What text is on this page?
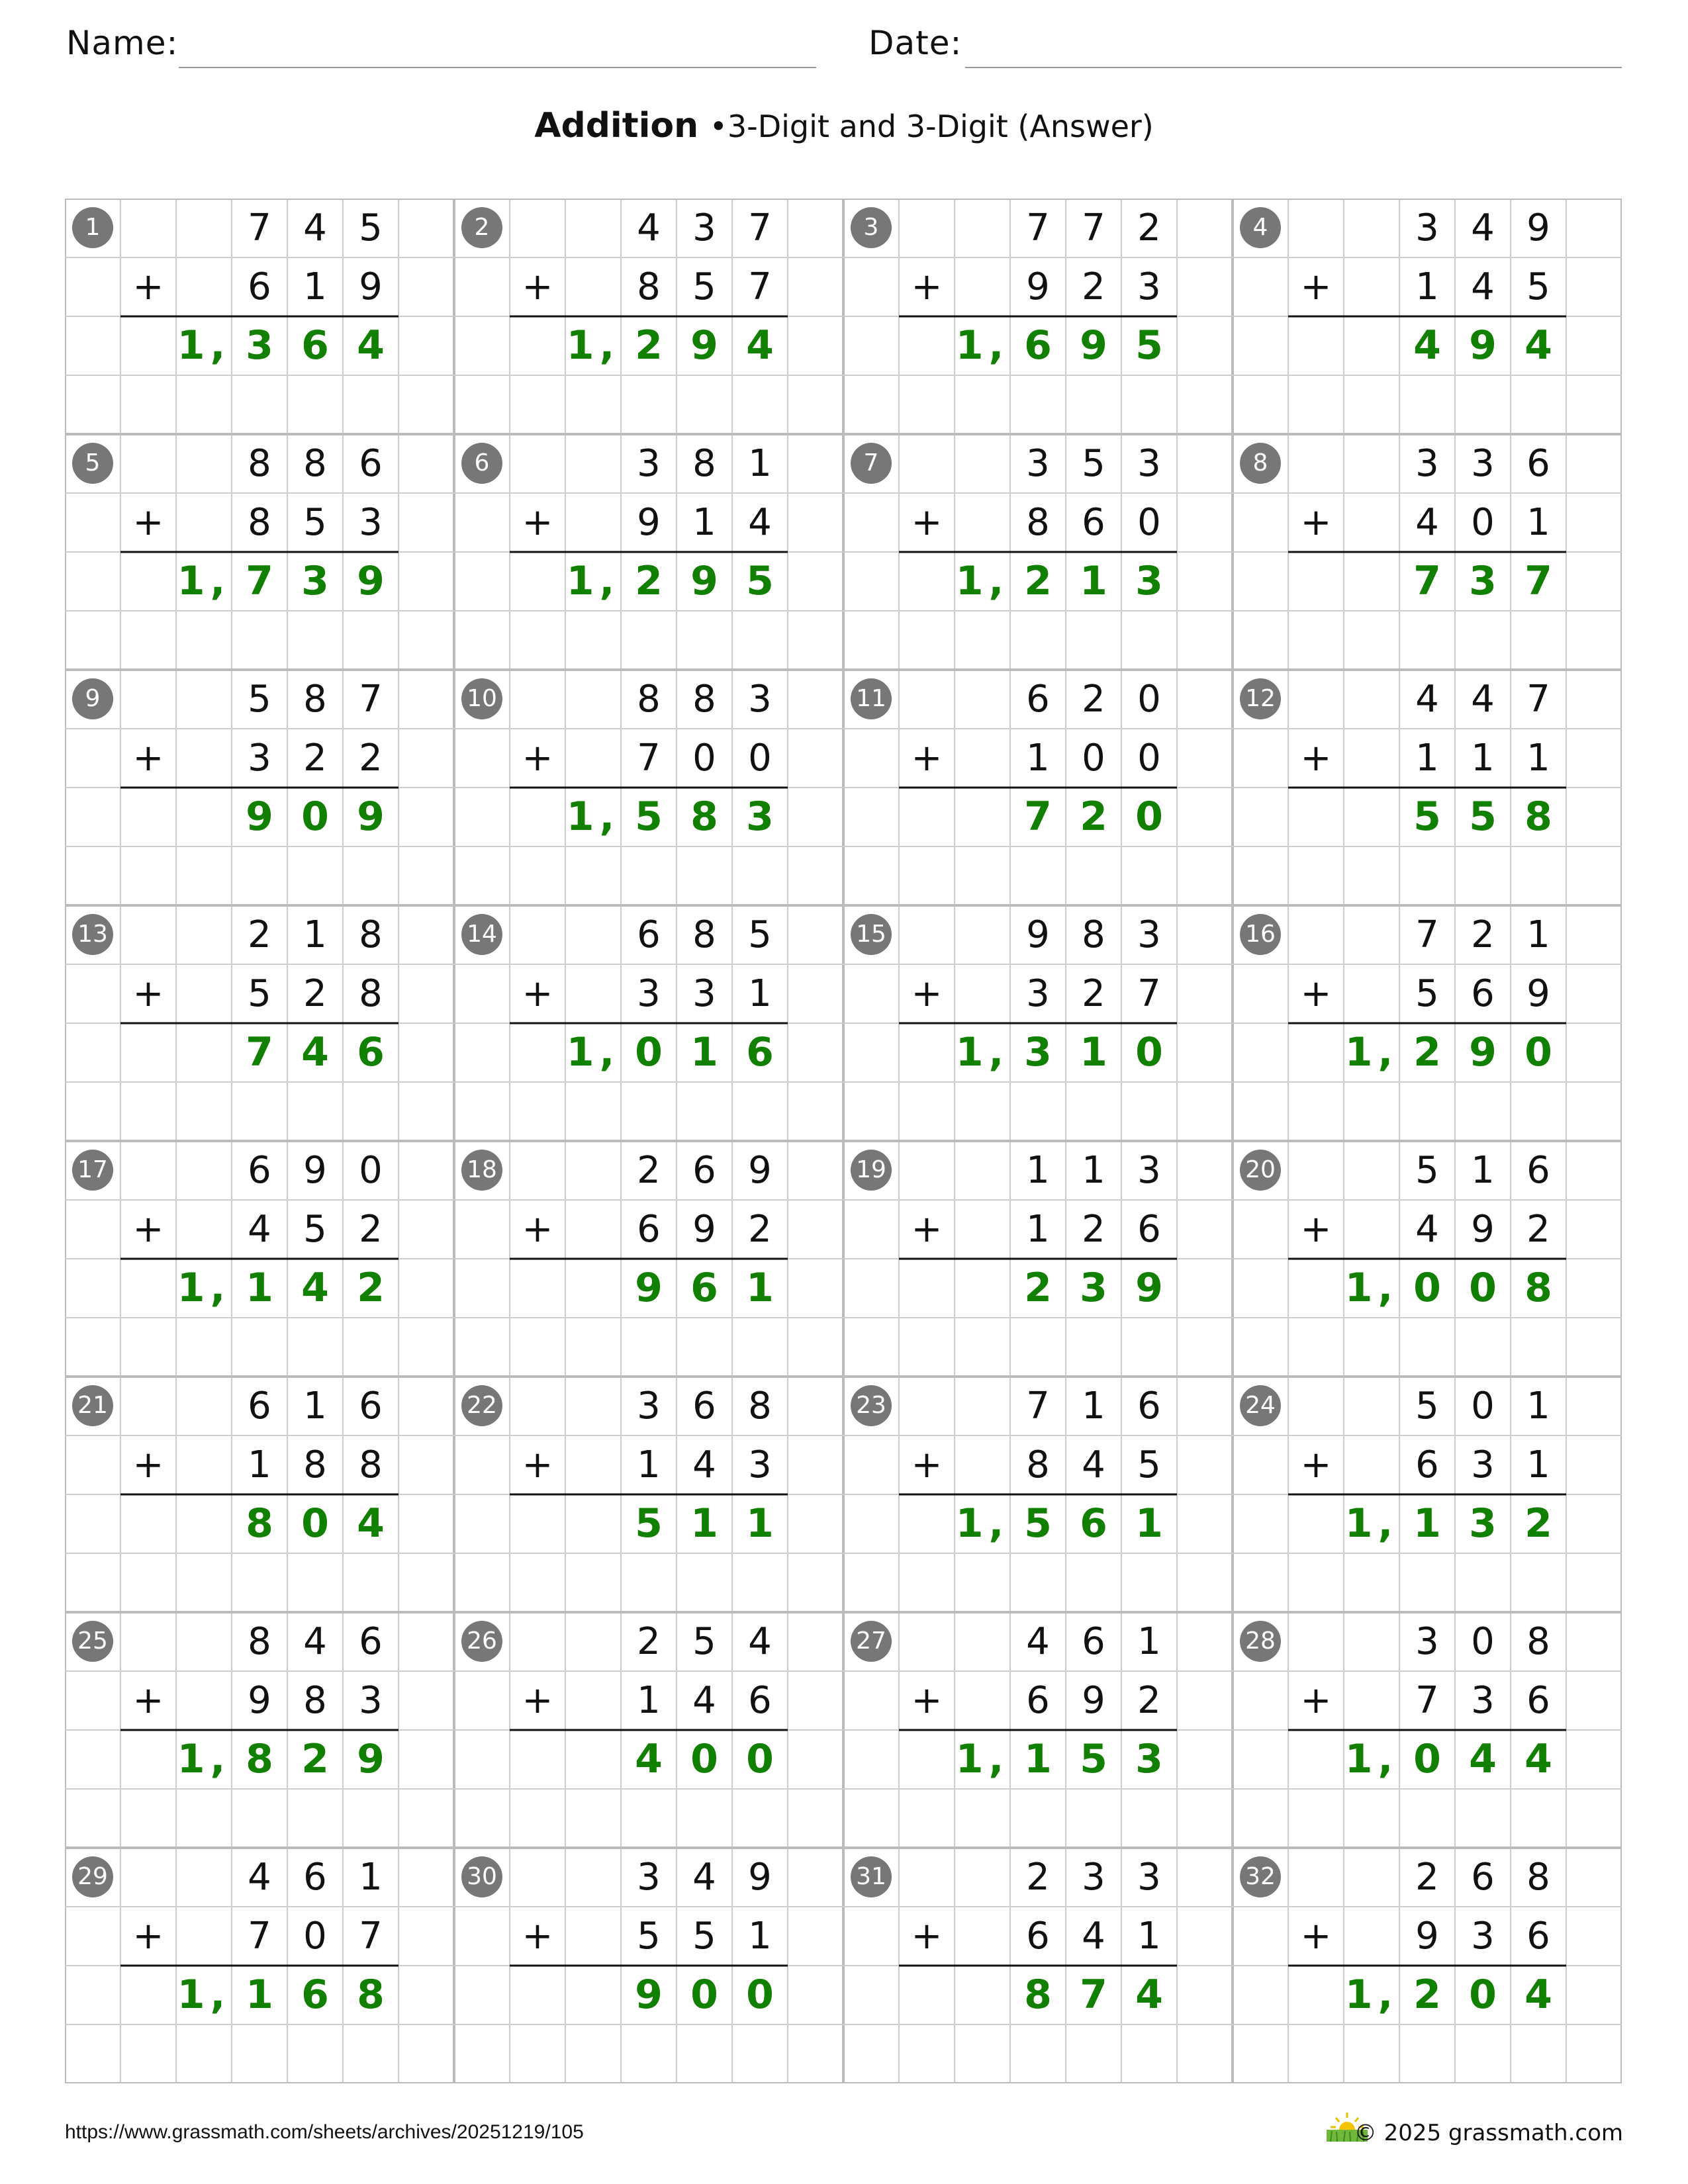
Name:	Date:
Addition •3-Digit and 3-Digit (Answer)
1	7 4 5
+	6 1 9
1, 3 6 4
2	4 3 7
+	8 5 7
1, 2 9 4
3	7 7 2
+	9 2 3
1, 6 9 5
4	3 4 9
+	1 4 5
4 9 4
5	8 8 6
+	8 5 3
1, 7 3 9
6	3 8 1
+	9 1 4
1, 2 9 5
7	3 5 3
+	8 6 0
1, 2 1 3
8	3 3 6
+	4 0 1
7 3 7
9	5 8 7
+	3 2 2
9 0 9
10	8 8 3
+	7 0 0
1, 5 8 3
11	6 2 0
+	1 0 0
7 2 0
12	4 4 7
+	1 1 1
5 5 8
13	2 1 8
+	5 2 8
7 4 6
14	6 8 5
+	3 3 1
1, 0 1 6
15	9 8 3
+	3 2 7
1, 3 1 0
16	7 2 1
+	5 6 9
1, 2 9 0
17	6 9 0
+	4 5 2
1, 1 4 2
18	2 6 9
+	6 9 2
9 6 1
19	1 1 3
+	1 2 6
2 3 9
20	5 1 6
+	4 9 2
1, 0 0 8
21	6 1 6
+	1 8 8
8 0 4
22	3 6 8
+	1 4 3
5 1 1
23	7 1 6
+	8 4 5
1, 5 6 1
24	5 0 1
+	6 3 1
1, 1 3 2
25	8 4 6
+	9 8 3
1, 8 2 9
26	2 5 4
+	1 4 6
4 0 0
27	4 6 1
+	6 9 2
1, 1 5 3
28	3 0 8
+	7 3 6
1, 0 4 4
29	4 6 1
+	7 0 7
1, 1 6 8
30	3 4 9
+	5 5 1
9 0 0
31	2 3 3
+	6 4 1
8 7 4
32	2 6 8
+	9 3 6
1, 2 0 4
https://www.grassmath.com/sheets/archives/20251219/105	© 2025 grassmath.com
